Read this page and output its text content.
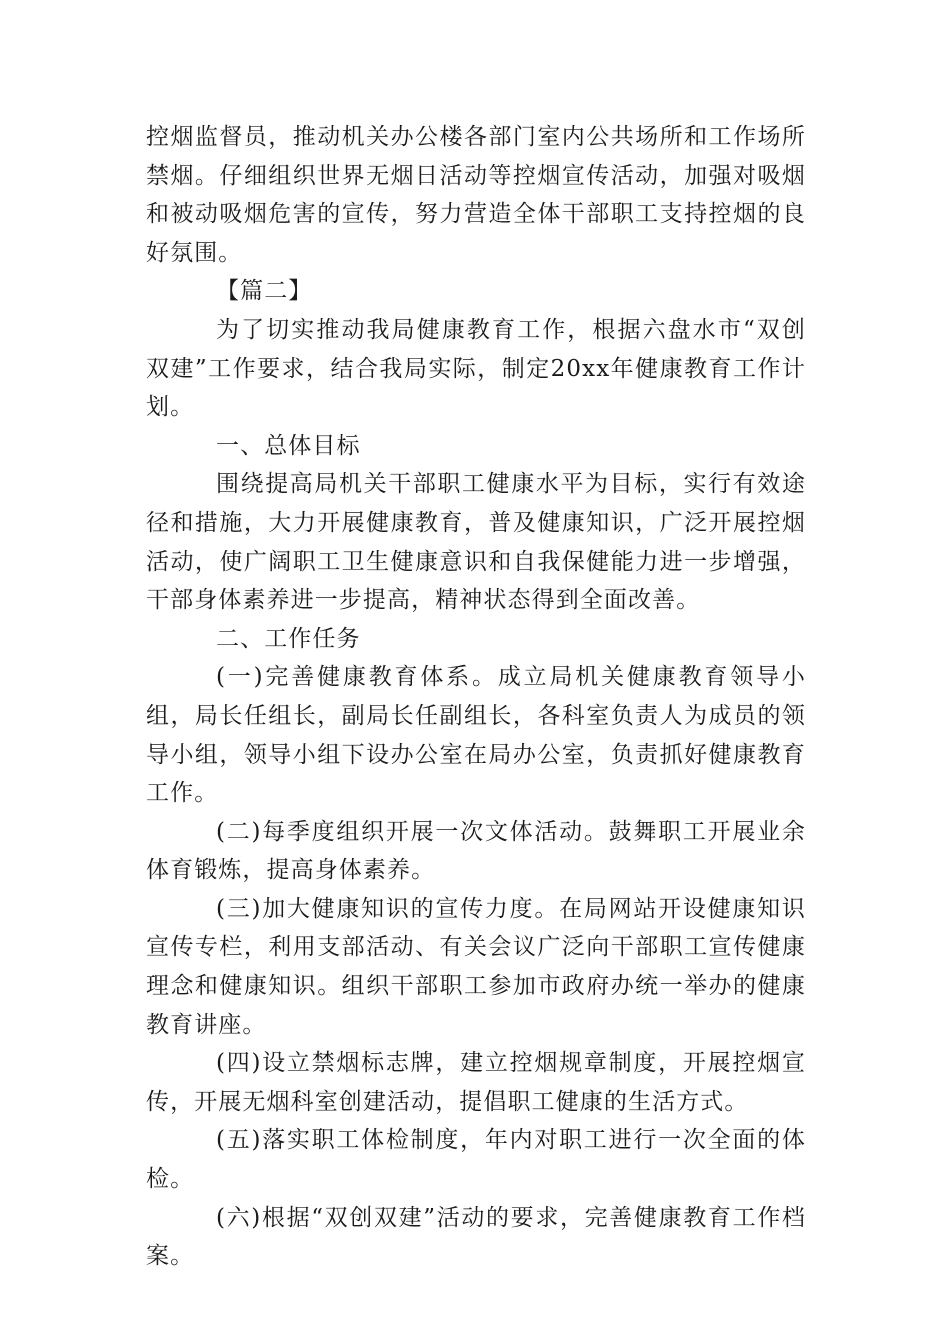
控烟监督员，推动机关办公楼各部门室内公共场所和工作场所禁烟。仔细组织世界无烟日活动等控烟宣传活动，加强对吸烟和被动吸烟危害的宣传，努力营造全体干部职工支持控烟的良好氛围。

【篇二】

为了切实推动我局健康教育工作，根据六盘水市“双创双建”工作要求，结合我局实际，制定20xx年健康教育工作计划。

一、总体目标

围绕提高局机关干部职工健康水平为目标，实行有效途径和措施，大力开展健康教育，普及健康知识，广泛开展控烟活动，使广阔职工卫生健康意识和自我保健能力进一步增强，干部身体素养进一步提高，精神状态得到全面改善。

二、工作任务

(一)完善健康教育体系。成立局机关健康教育领导小组，局长任组长，副局长任副组长，各科室负责人为成员的领导小组，领导小组下设办公室在局办公室，负责抓好健康教育工作。

(二)每季度组织开展一次文体活动。鼓舞职工开展业余体育锻炼，提高身体素养。

(三)加大健康知识的宣传力度。在局网站开设健康知识宣传专栏，利用支部活动、有关会议广泛向干部职工宣传健康理念和健康知识。组织干部职工参加市政府办统一举办的健康教育讲座。

(四)设立禁烟标志牌，建立控烟规章制度，开展控烟宣传，开展无烟科室创建活动，提倡职工健康的生活方式。

(五)落实职工体检制度，年内对职工进行一次全面的体检。

(六)根据“双创双建”活动的要求，完善健康教育工作档案。
